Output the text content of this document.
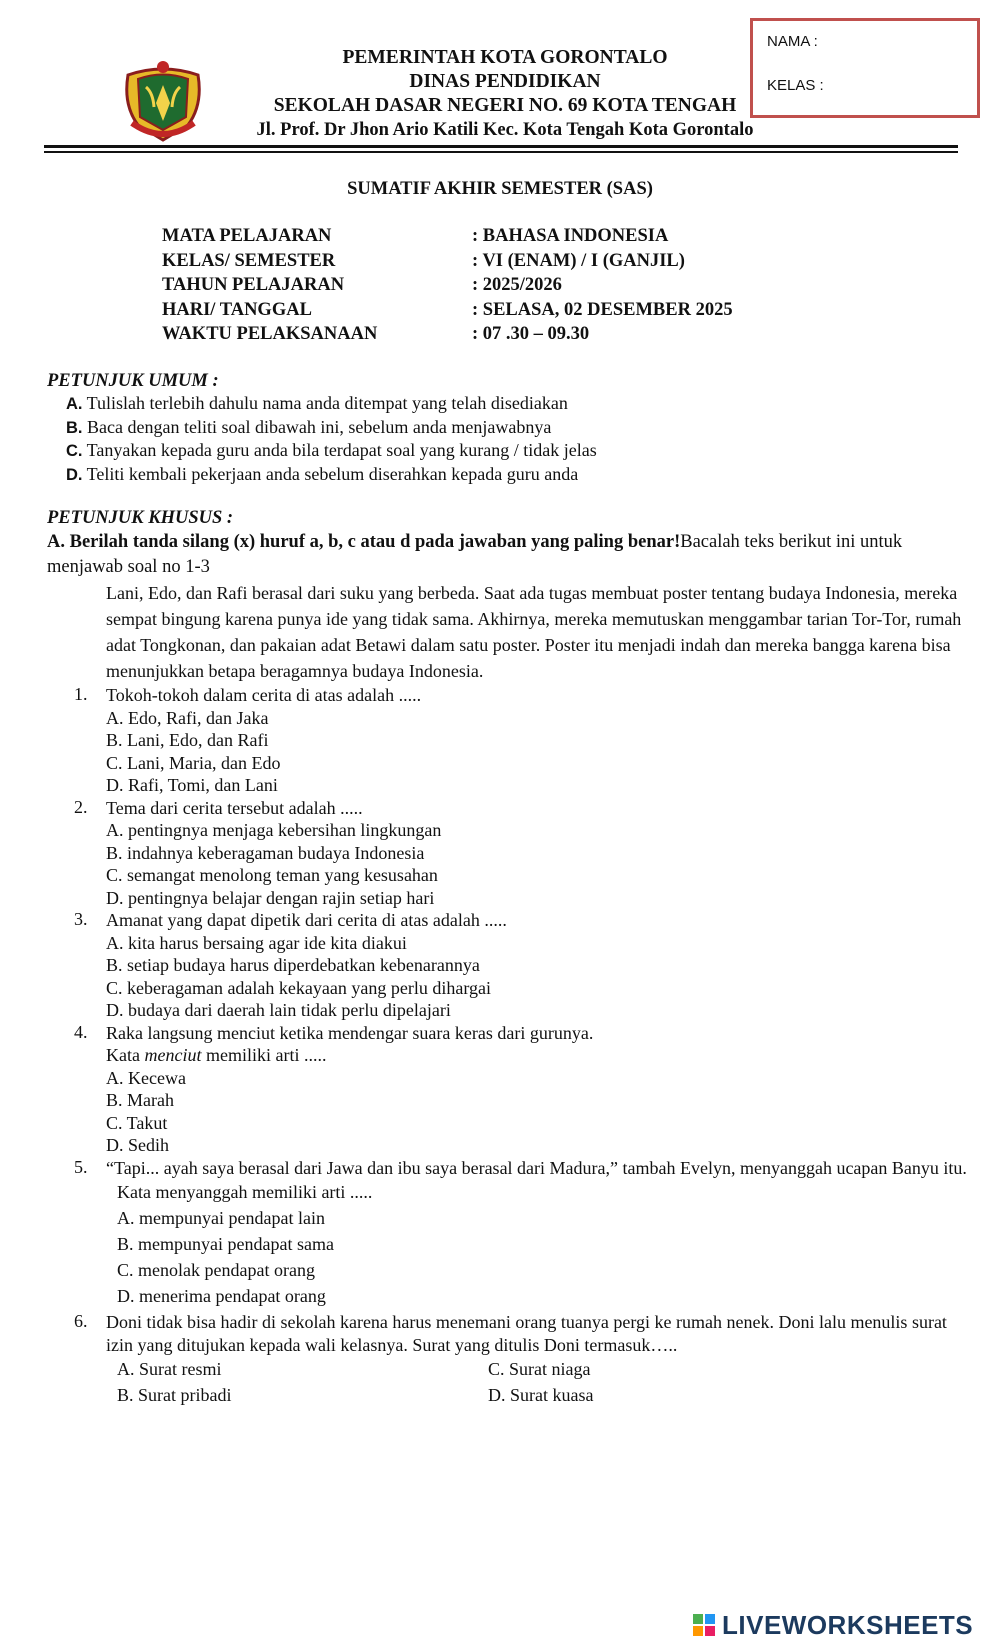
PEMERINTAH KOTA GORONTALO
DINAS PENDIDIKAN
SEKOLAH DASAR NEGERI NO. 69 KOTA TENGAH
Jl. Prof. Dr Jhon Ario Katili Kec. Kota Tengah Kota Gorontalo
NAMA :
KELAS :
SUMATIF AKHIR SEMESTER (SAS)
MATA PELAJARAN	: BAHASA INDONESIA
KELAS/ SEMESTER	: VI (ENAM) / I (GANJIL)
TAHUN PELAJARAN	: 2025/2026
HARI/ TANGGAL	: SELASA, 02 DESEMBER 2025
WAKTU PELAKSANAAN	: 07 .30 – 09.30
PETUNJUK UMUM :
A. Tulislah terlebih dahulu nama anda ditempat yang telah disediakan
B. Baca dengan teliti soal dibawah ini, sebelum anda menjawabnya
C. Tanyakan kepada guru anda bila terdapat soal yang kurang / tidak jelas
D. Teliti kembali pekerjaan anda sebelum diserahkan kepada guru anda
PETUNJUK KHUSUS :
A. Berilah tanda silang (x) huruf a, b, c atau d pada jawaban yang paling benar!Bacalah teks berikut ini untuk menjawab soal no 1-3
Lani, Edo, dan Rafi berasal dari suku yang berbeda. Saat ada tugas membuat poster tentang budaya Indonesia, mereka sempat bingung karena punya ide yang tidak sama. Akhirnya, mereka memutuskan menggambar tarian Tor-Tor, rumah adat Tongkonan, dan pakaian adat Betawi dalam satu poster. Poster itu menjadi indah dan mereka bangga karena bisa menunjukkan betapa beragamnya budaya Indonesia.
1. Tokoh-tokoh dalam cerita di atas adalah .....
A. Edo, Rafi, dan Jaka
B. Lani, Edo, dan Rafi
C. Lani, Maria, dan Edo
D. Rafi, Tomi, dan Lani
2. Tema dari cerita tersebut adalah .....
A. pentingnya menjaga kebersihan lingkungan
B. indahnya keberagaman budaya Indonesia
C. semangat menolong teman yang kesusahan
D. pentingnya belajar dengan rajin setiap hari
3. Amanat yang dapat dipetik dari cerita di atas adalah .....
A. kita harus bersaing agar ide kita diakui
B. setiap budaya harus diperdebatkan kebenarannya
C. keberagaman adalah kekayaan yang perlu dihargai
D. budaya dari daerah lain tidak perlu dipelajari
4. Raka langsung menciut ketika mendengar suara keras dari gurunya.
Kata menciut memiliki arti .....
A. Kecewa
B. Marah
C. Takut
D. Sedih
5. “Tapi... ayah saya berasal dari Jawa dan ibu saya berasal dari Madura,” tambah Evelyn, menyanggah ucapan Banyu itu.
Kata menyanggah memiliki arti .....
A. mempunyai pendapat lain
B. mempunyai pendapat sama
C. menolak pendapat orang
D. menerima pendapat orang
6. Doni tidak bisa hadir di sekolah karena harus menemani orang tuanya pergi ke rumah nenek. Doni lalu menulis surat izin yang ditujukan kepada wali kelasnya. Surat yang ditulis Doni termasuk…..
A. Surat resmi	C. Surat niaga
B. Surat pribadi	D. Surat kuasa
LIVEWORKSHEETS
